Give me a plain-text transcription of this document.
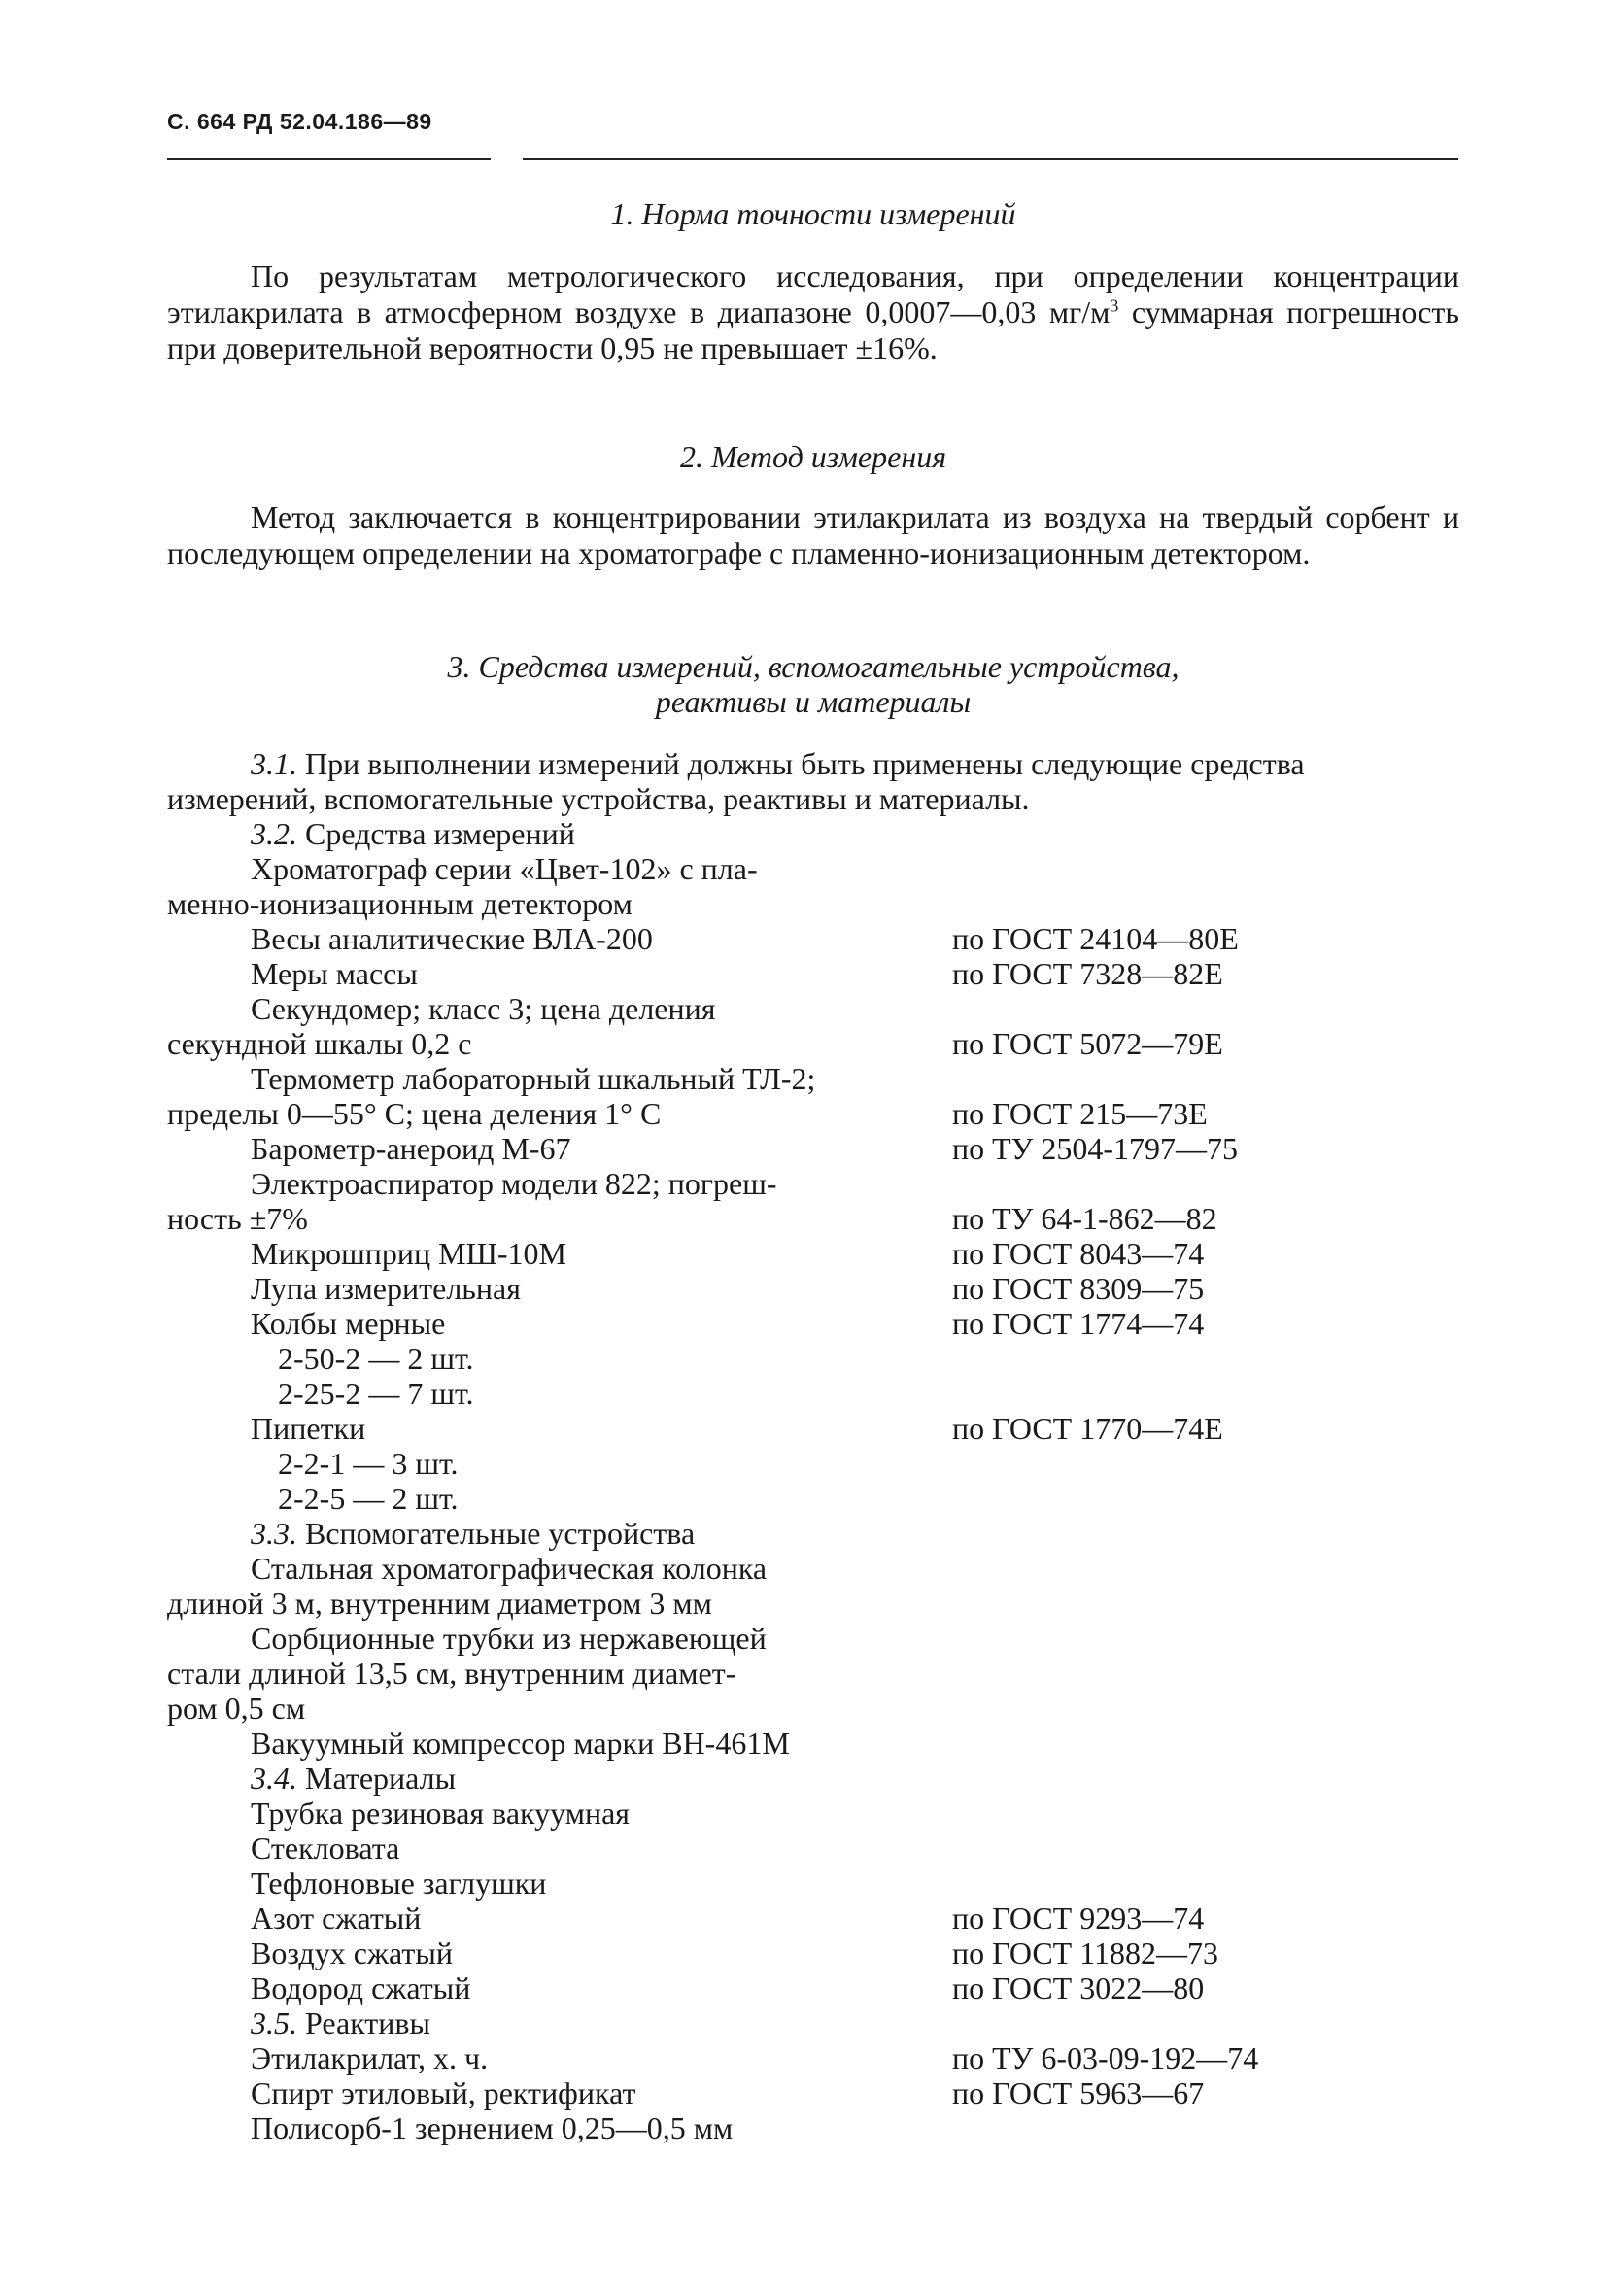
С. 664 РД 52.04.186—89
1. Норма точности измерений
По результатам метрологического исследования, при определении концентрации этилакрилата в атмосферном воздухе в диапазоне 0,0007—0,03 $мг/м^3$ суммарная погрешность при доверительной вероятности 0,95 не превышает ±16%.
2. Метод измерения
Метод заключается в концентрировании этилакрилата из воздуха на твердый сорбент и последующем определении на хроматографе с пламенно-ионизационным детектором.
3. Средства измерений, вспомогательные устройства,
реактивы и материалы
3.1. При выполнении измерений должны быть применены следующие средства
измерений, вспомогательные устройства, реактивы и материалы.
3.2. Средства измерений
Хроматограф серии «Цвет-102» с пла-
менно-ионизационным детектором
Весы аналитические ВЛА-200	по ГОСТ 24104—80Е
Меры массы	по ГОСТ 7328—82Е
Секундомер; класс 3; цена деления
секундной шкалы 0,2 с	по ГОСТ 5072—79Е
Термометр лабораторный шкальный ТЛ-2;
пределы 0—55° С; цена деления 1° С	по ГОСТ 215—73Е
Барометр-анероид М-67	по ТУ 2504-1797—75
Электроаспиратор модели 822; погреш-
ность ±7%	по ТУ 64-1-862—82
Микрошприц МШ-10М	по ГОСТ 8043—74
Лупа измерительная	по ГОСТ 8309—75
Колбы мерные	по ГОСТ 1774—74
2-50-2 — 2 шт.
2-25-2 — 7 шт.
Пипетки	по ГОСТ 1770—74Е
2-2-1 — 3 шт.
2-2-5 — 2 шт.
3.3. Вспомогательные устройства
Стальная хроматографическая колонка
длиной 3 м, внутренним диаметром 3 мм
Сорбционные трубки из нержавеющей
стали длиной 13,5 см, внутренним диамет-
ром 0,5 см
Вакуумный компрессор марки ВН-461М
3.4. Материалы
Трубка резиновая вакуумная
Стекловата
Тефлоновые заглушки
Азот сжатый	по ГОСТ 9293—74
Воздух сжатый	по ГОСТ 11882—73
Водород сжатый	по ГОСТ 3022—80
3.5. Реактивы
Этилакрилат, х. ч.	по ТУ 6-03-09-192—74
Спирт этиловый, ректификат	по ГОСТ 5963—67
Полисорб-1 зернением 0,25—0,5 мм
